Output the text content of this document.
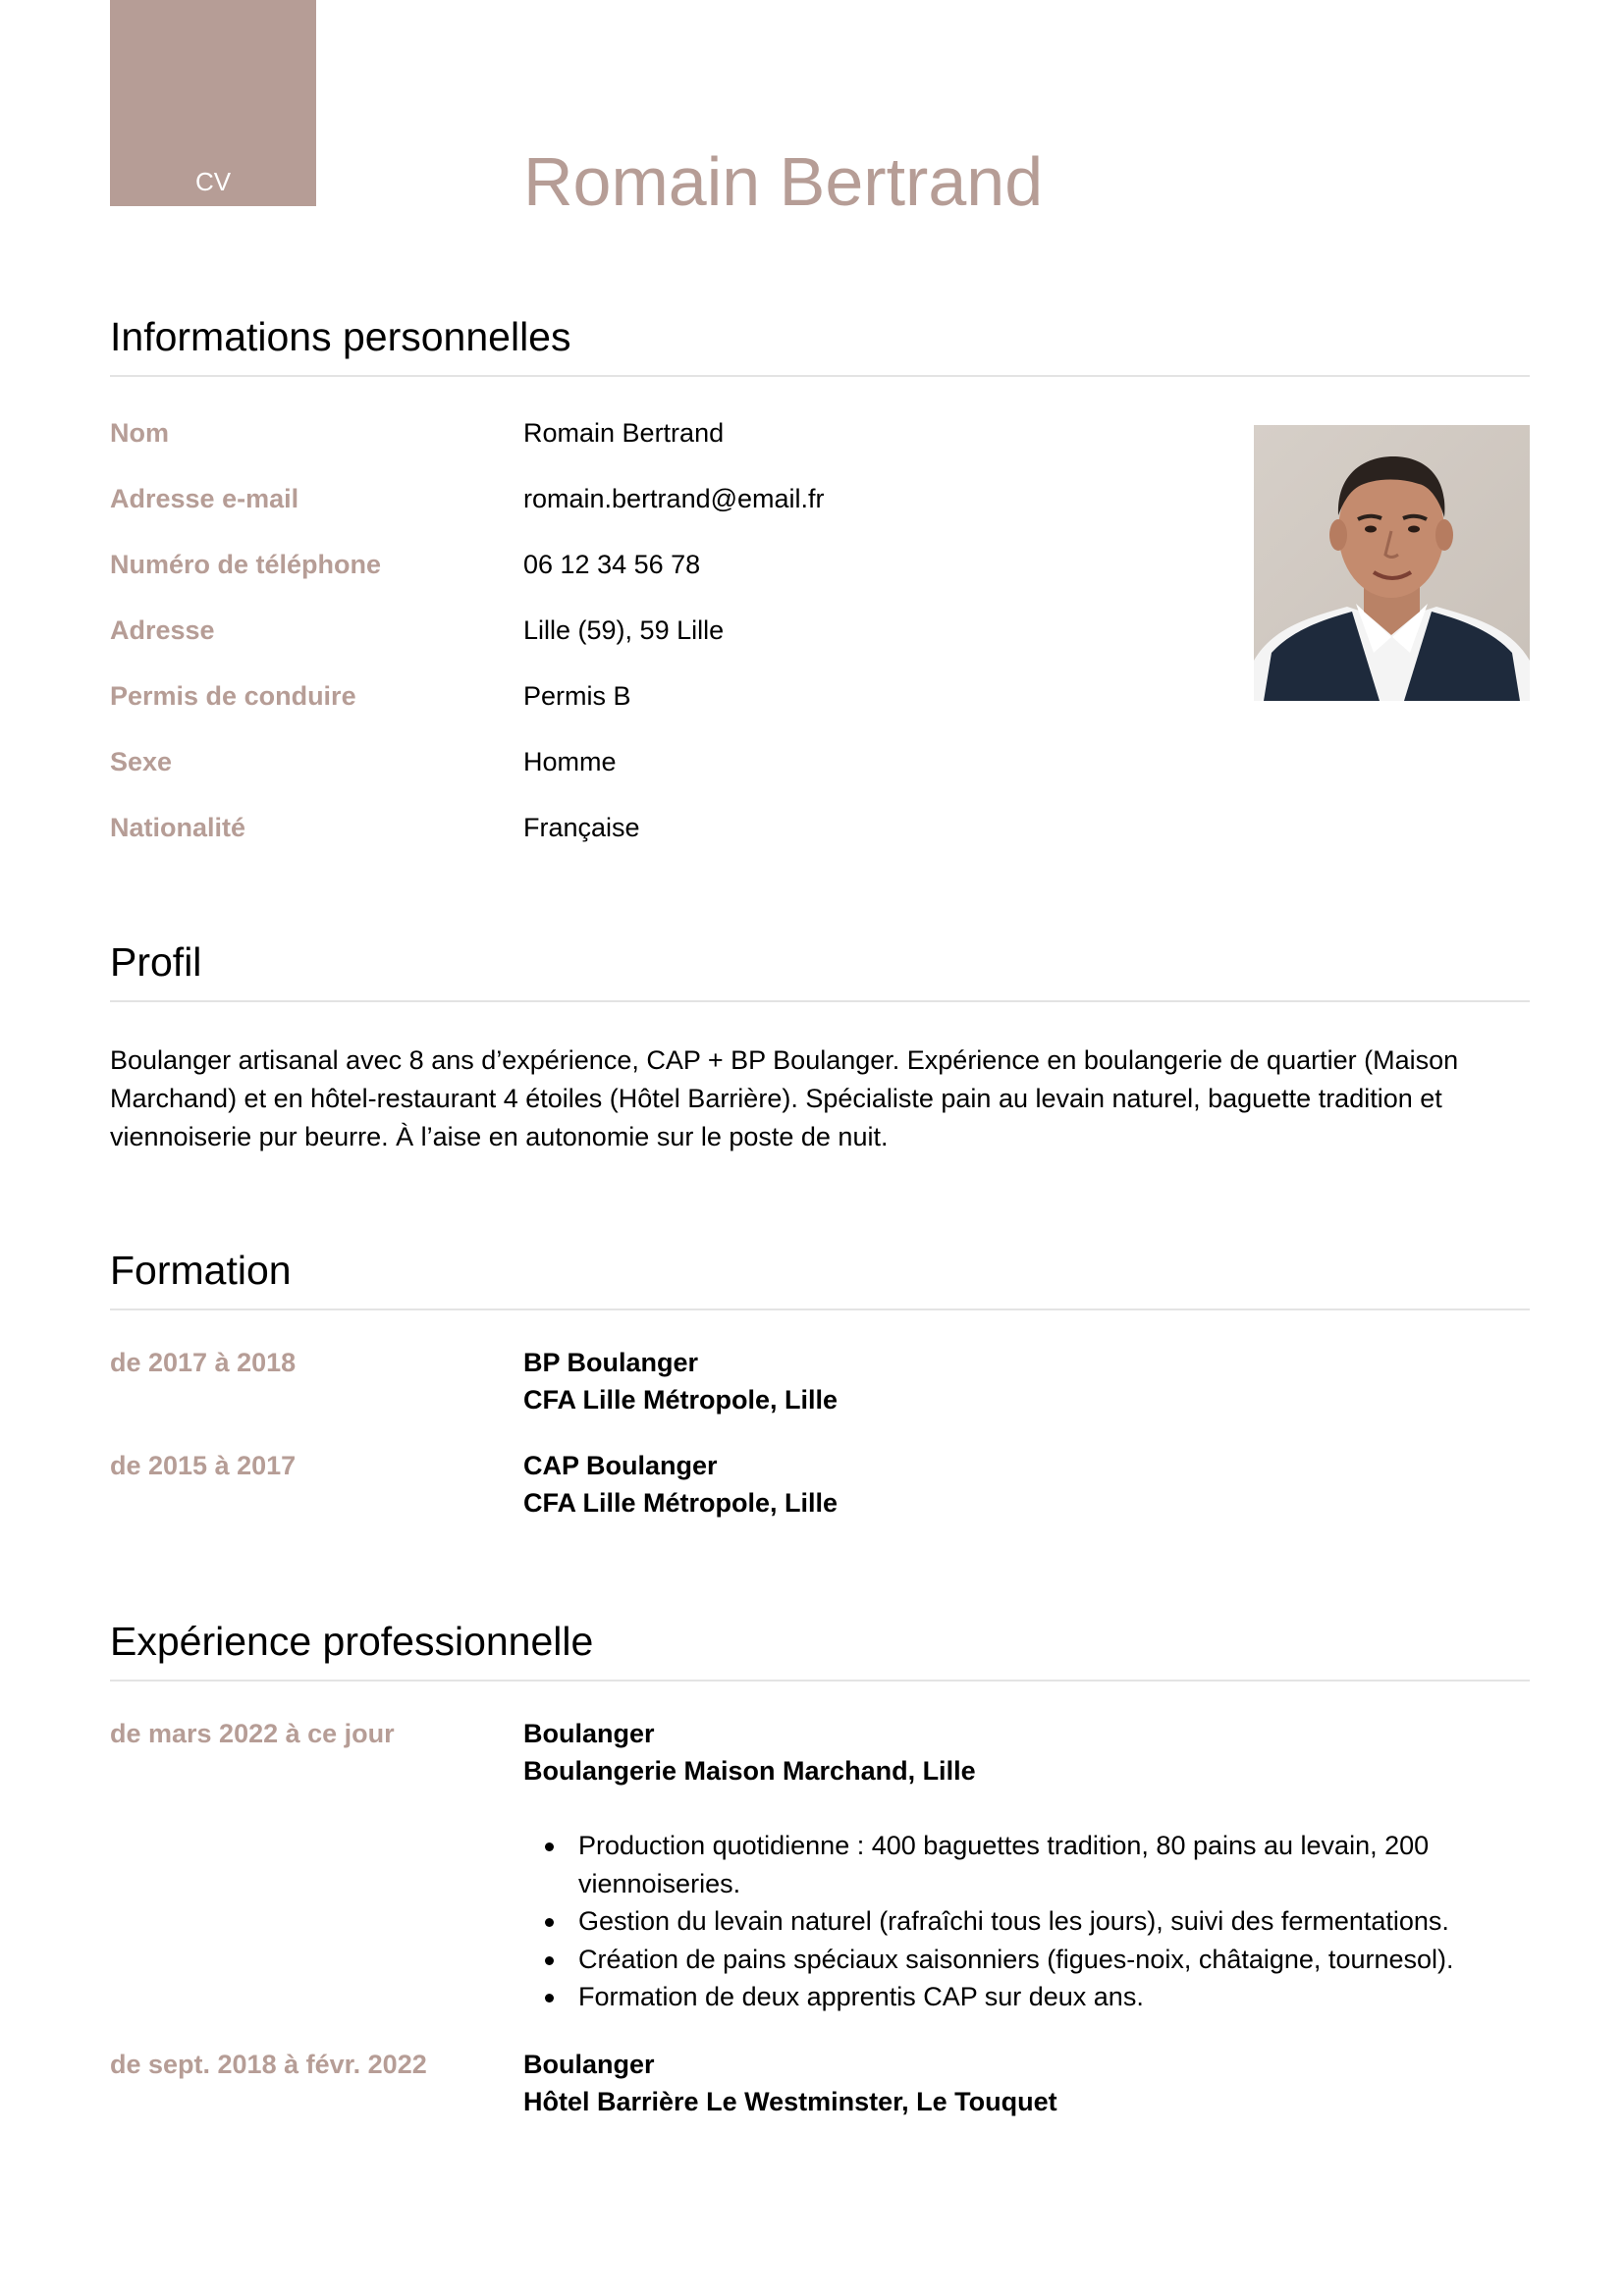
CV	Romain Bertrand
Informations personnelles
Nom	Romain Bertrand
Adresse e-mail	romain.bertrand@email.fr
Numéro de téléphone	06 12 34 56 78
Adresse	Lille (59), 59 Lille
Permis de conduire	Permis B
Sexe	Homme
Nationalité	Française
Profil

Boulanger artisanal avec 8 ans d’expérience, CAP + BP Boulanger. Expérience en boulangerie de quartier (Maison Marchand) et en hôtel-restaurant 4 étoiles (Hôtel Barrière). Spécialiste pain au levain naturel, baguette tradition et viennoiserie pur beurre. À l’aise en autonomie sur le poste de nuit.

Formation
de 2017 à 2018	BP Boulanger
CFA Lille Métropole, Lille
de 2015 à 2017	CAP Boulanger
CFA Lille Métropole, Lille
Expérience professionnelle
de mars 2022 à ce jour	Boulanger
Boulangerie Maison Marchand, Lille
Production quotidienne : 400 baguettes tradition, 80 pains au levain, 200 viennoiseries.
Gestion du levain naturel (rafraîchi tous les jours), suivi des fermentations.
Création de pains spéciaux saisonniers (figues-noix, châtaigne, tournesol).
Formation de deux apprentis CAP sur deux ans.
de sept. 2018 à févr. 2022	Boulanger
Hôtel Barrière Le Westminster, Le Touquet
